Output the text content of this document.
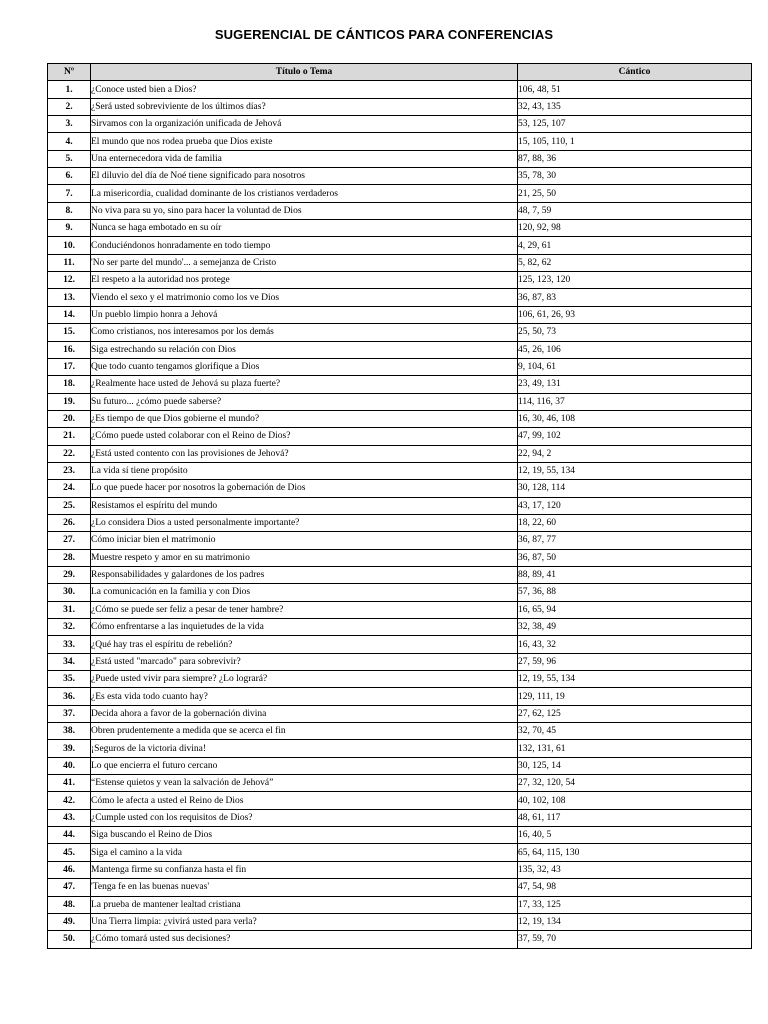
SUGERENCIAL DE CÁNTICOS PARA CONFERENCIAS
Nº	Título o Tema	Cántico
1.	¿Conoce usted bien a Dios?	106, 48, 51
2.	¿Será usted sobreviviente de los últimos días?	32, 43, 135
3.	Sirvamos con la organización unificada de Jehová	53, 125, 107
4.	El mundo que nos rodea prueba que Dios existe	15, 105, 110, 1
5.	Una enternecedora vida de familia	87, 88, 36
6.	El diluvio del día de Noé tiene significado para nosotros	35, 78, 30
7.	La misericordia, cualidad dominante de los cristianos verdaderos	21, 25, 50
8.	No viva para su yo, sino para hacer la voluntad de Dios	48, 7, 59
9.	Nunca se haga embotado en su oír	120, 92, 98
10.	Conduciéndonos honradamente en todo tiempo	4, 29, 61
11.	'No ser parte del mundo'... a semejanza de Cristo	5, 82, 62
12.	El respeto a la autoridad nos protege	125, 123, 120
13.	Viendo el sexo y el matrimonio como los ve Dios	36, 87, 83
14.	Un pueblo limpio honra a Jehová	106, 61, 26, 93
15.	Como cristianos, nos interesamos por los demás	25, 50, 73
16.	Siga estrechando su relación con Dios	45, 26, 106
17.	Que todo cuanto tengamos glorifique a Dios	9, 104, 61
18.	¿Realmente hace usted de Jehová su plaza fuerte?	23, 49, 131
19.	Su futuro... ¿cómo puede saberse?	114, 116, 37
20.	¿Es tiempo de que Dios gobierne el mundo?	16, 30, 46, 108
21.	¿Cómo puede usted colaborar con el Reino de Dios?	47, 99, 102
22.	¿Está usted contento con las provisiones de Jehová?	22, 94, 2
23.	La vida sí tiene propósito	12, 19, 55, 134
24.	Lo que puede hacer por nosotros la gobernación de Dios	30, 128, 114
25.	Resistamos el espíritu del mundo	43, 17, 120
26.	¿Lo considera Dios a usted personalmente importante?	18, 22, 60
27.	Cómo iniciar bien el matrimonio	36, 87, 77
28.	Muestre respeto y amor en su matrimonio	36, 87, 50
29.	Responsabilidades y galardones de los padres	88, 89, 41
30.	La comunicación en la familia y con Dios	57, 36, 88
31.	¿Cómo se puede ser feliz a pesar de tener hambre?	16, 65, 94
32.	Cómo enfrentarse a las inquietudes de la vida	32, 38, 49
33.	¿Qué hay tras el espíritu de rebelión?	16, 43, 32
34.	¿Está usted "marcado" para sobrevivir?	27, 59, 96
35.	¿Puede usted vivir para siempre? ¿Lo logrará?	12, 19, 55, 134
36.	¿Es esta vida todo cuanto hay?	129, 111, 19
37.	Decida ahora a favor de la gobernación divina	27, 62, 125
38.	Obren prudentemente a medida que se acerca el fin	32, 70, 45
39.	¡Seguros de la victoria divina!	132, 131, 61
40.	Lo que encierra el futuro cercano	30, 125, 14
41.	“Estense quietos y vean la salvación de Jehová”	27, 32, 120, 54
42.	Cómo le afecta a usted el Reino de Dios	40, 102, 108
43.	¿Cumple usted con los requisitos de Dios?	48, 61, 117
44.	Siga buscando el Reino de Dios	16, 40, 5
45.	Siga el camino a la vida	65, 64, 115, 130
46.	Mantenga firme su confianza hasta el fin	135, 32, 43
47.	'Tenga fe en las buenas nuevas'	47, 54, 98
48.	La prueba de mantener lealtad cristiana	17, 33, 125
49.	Una Tierra limpia: ¿vivirá usted para verla?	12, 19, 134
50.	¿Cómo tomará usted sus decisiones?	37, 59, 70
